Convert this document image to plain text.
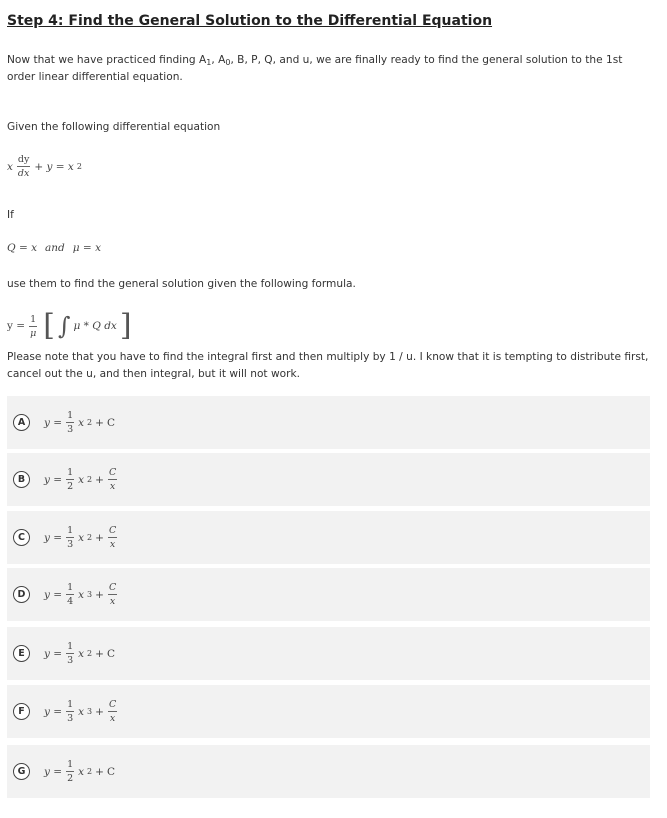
Step 4: Find the General Solution to the Differential Equation

Now that we have practiced finding $A_1$, $A_0$, B, P, Q, and u, we are finally ready to find the general solution to the 1st order linear differential equation.

Given the following differential equation

x $\frac{dy}{dx} + y = x$ 2

If

Q = x and μ = x

use them to find the general solution given the following formula.

$y = \frac{1}{\mu}$ [ ∫ μ * Q dx ]

Please note that you have to find the integral first and then multiply by 1 / u. I know that it is tempting to distribute first, cancel out the u, and then integral, but it will not work.

A	$y = \frac{1}{3}$ x 2 + C
B	$y = \frac{1}{2}$ x $2 + \frac{C}{x}$
C	$y = \frac{1}{3}$ x $2 + \frac{C}{x}$
D	$y = \frac{1}{4}$ x $3 + \frac{C}{x}$
E	$y = \frac{1}{3}$ x 2 + C
F	$y = \frac{1}{3}$ x $3 + \frac{C}{x}$
G	$y = \frac{1}{2}$ x 2 + C
